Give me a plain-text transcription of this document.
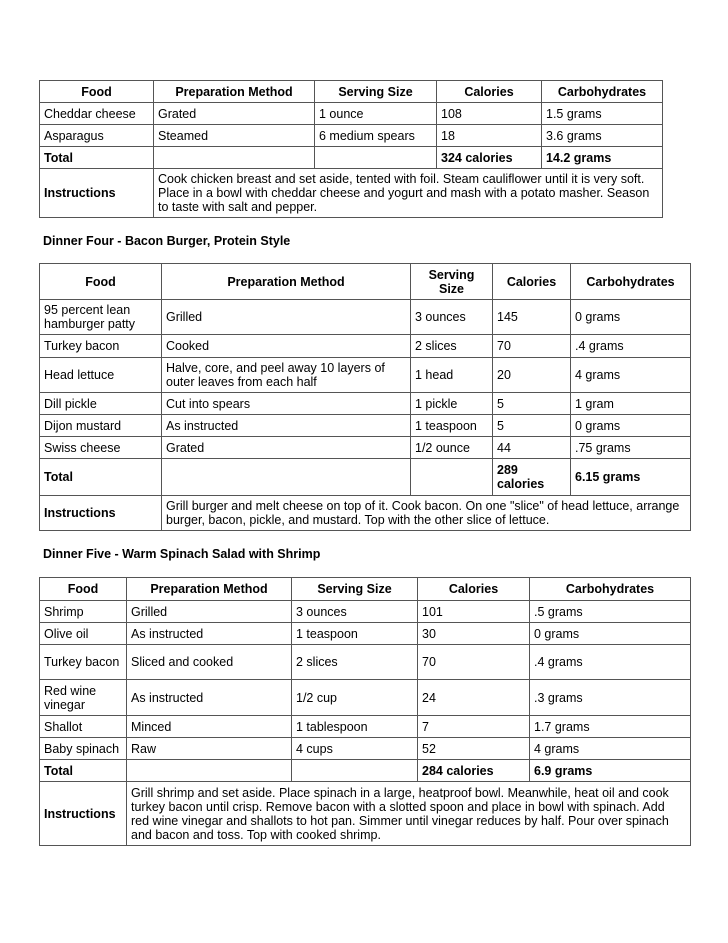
Food	Preparation Method	Serving Size	Calories	Carbohydrates
Cheddar cheese	Grated	1 ounce	108	1.5 grams
Asparagus	Steamed	6 medium spears	18	3.6 grams
Total			324 calories	14.2 grams
Instructions	Cook chicken breast and set aside, tented with foil. Steam cauliflower until it is very soft. Place in a bowl with cheddar cheese and yogurt and mash with a potato masher. Season to taste with salt and pepper.			
Dinner Four - Bacon Burger, Protein Style
Food	Preparation Method	Serving Size	Calories	Carbohydrates
95 percent lean hamburger patty	Grilled	3 ounces	145	0 grams
Turkey bacon	Cooked	2 slices	70	.4 grams
Head lettuce	Halve, core, and peel away 10 layers of outer leaves from each half	1 head	20	4 grams
Dill pickle	Cut into spears	1 pickle	5	1 gram
Dijon mustard	As instructed	1 teaspoon	5	0 grams
Swiss cheese	Grated	1/2 ounce	44	.75 grams
Total			289 calories	6.15 grams
Instructions	Grill burger and melt cheese on top of it. Cook bacon. On one "slice" of head lettuce, arrange burger, bacon, pickle, and mustard. Top with the other slice of lettuce.			
Dinner Five - Warm Spinach Salad with Shrimp
Food	Preparation Method	Serving Size	Calories	Carbohydrates
Shrimp	Grilled	3 ounces	101	.5 grams
Olive oil	As instructed	1 teaspoon	30	0 grams
Turkey bacon	Sliced and cooked	2 slices	70	.4 grams
Red wine vinegar	As instructed	1/2 cup	24	.3 grams
Shallot	Minced	1 tablespoon	7	1.7 grams
Baby spinach	Raw	4 cups	52	4 grams
Total			284 calories	6.9 grams
Instructions	Grill shrimp and set aside. Place spinach in a large, heatproof bowl. Meanwhile, heat oil and cook turkey bacon until crisp. Remove bacon with a slotted spoon and place in bowl with spinach. Add red wine vinegar and shallots to hot pan. Simmer until vinegar reduces by half. Pour over spinach and bacon and toss. Top with cooked shrimp.			
